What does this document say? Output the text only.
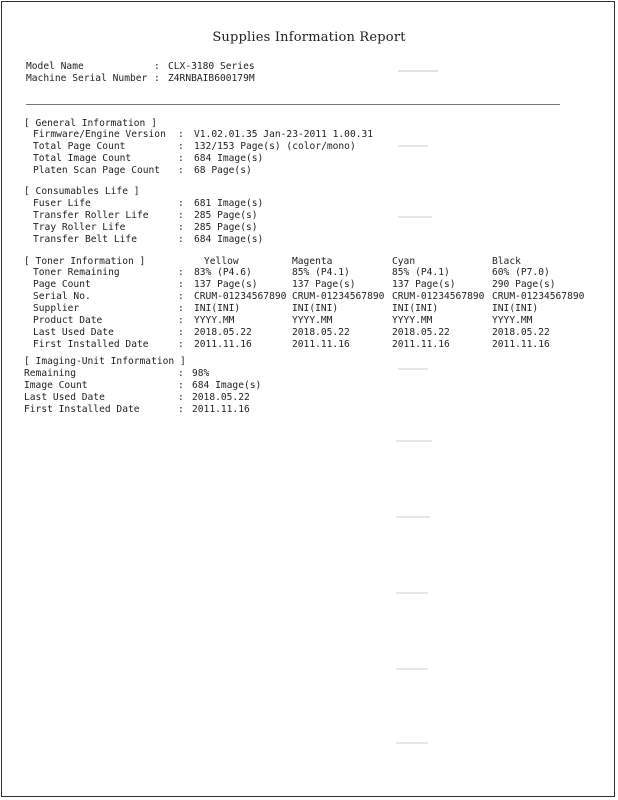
Supplies Information Report
Model Name	: CLX-3180 Series
Machine Serial Number : Z4RNBAIB600179M
[ General Information ]
Firmware/Engine Version : V1.02.01.35 Jan-23-2011 1.00.31
Total Page Count	: 132/153 Page(s) (color/mono)
Total Image Count	: 684 Image(s)
Platen Scan Page Count : 68 Page(s)
[ Consumables Life ]
Fuser Life	: 681 Image(s)
Transfer Roller Life	: 285 Page(s)
Tray Roller Life	: 285 Page(s)
Transfer Belt Life	: 684 Image(s)
[ Toner Information ]	Yellow	Magenta	Cyan	Black
Toner Remaining	: 83% (P4.6)	85% (P4.1)	85% (P4.1)	60% (P7.0)
Page Count	: 137 Page(s)	137 Page(s)	137 Page(s)	290 Page(s)
Serial No.	: CRUM-01234567890 CRUM-01234567890 CRUM-01234567890 CRUM-01234567890
Supplier	: INI(INI)	INI(INI)	INI(INI)	INI(INI)
Product Date	: YYYY.MM	YYYY.MM	YYYY.MM	YYYY.MM
Last Used Date	: 2018.05.22	2018.05.22	2018.05.22	2018.05.22
First Installed Date	: 2011.11.16	2011.11.16	2011.11.16	2011.11.16
[ Imaging-Unit Information ]
Remaining	: 98%
Image Count	: 684 Image(s)
Last Used Date	: 2018.05.22
First Installed Date	: 2011.11.16
